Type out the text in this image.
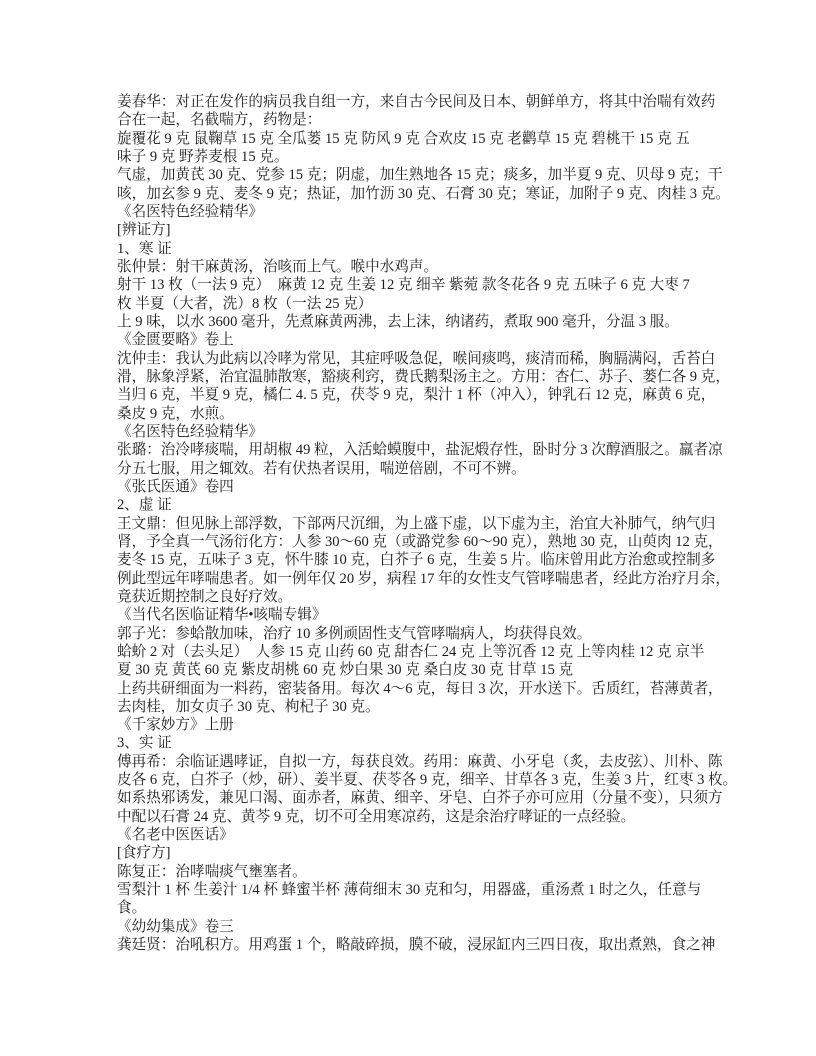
姜春华：对正在发作的病员我自组一方，来自古今民间及日本、朝鲜单方，将其中治喘有效药
合在一起，名截喘方，药物是：
旋覆花 9 克 鼠鞠草 15 克 全瓜蒌 15 克 防风 9 克 合欢皮 15 克 老鹳草 15 克 碧桃干 15 克 五
味子 9 克 野荞麦根 15 克。
气虚，加黄芪 30 克、党参 15 克；阴虚，加生熟地各 15 克；痰多，加半夏 9 克、贝母 9 克；干
咳，加玄参 9 克、麦冬 9 克；热证，加竹沥 30 克、石膏 30 克；寒证，加附子 9 克、肉桂 3 克。
《名医特色经验精华》
[辨证方]
1、寒 证
张仲景：射干麻黄汤，治咳而上气。喉中水鸡声。
射干 13 枚（一法 9 克）　麻黄 12 克 生姜 12 克 细辛 紫菀 款冬花各 9 克 五味子 6 克 大枣 7
枚 半夏（大者，洗）8 枚（一法 25 克）
上 9 味，以水 3600 毫升，先煮麻黄两沸，去上沫，纳诸药，煮取 900 毫升，分温 3 服。
《金匮要略》卷上
沈仲圭：我认为此病以冷哮为常见，其症呼吸急促，喉间痰鸣，痰清而稀，胸膈满闷，舌苔白
滑，脉象浮紧，治宜温肺散寒，豁痰利窍，费氏鹅梨汤主之。方用：杏仁、苏子、蒌仁各 9 克，
当归 6 克，半夏 9 克，橘仁 4. 5 克，茯苓 9 克，梨汁 1 杯（冲入），钟乳石 12 克，麻黄 6 克，
桑皮 9 克，水煎。
《名医特色经验精华》
张璐：治冷哮痰喘，用胡椒 49 粒，入活蛤蟆腹中，盐泥煅存性，卧时分 3 次醇酒服之。羸者凉
分五七服，用之辄效。若有伏热者误用，喘逆倍剧，不可不辨。
《张氏医通》卷四
2、虚 证
王文鼎：但见脉上部浮数，下部两尺沉细，为上盛下虚，以下虚为主，治宜大补肺气，纳气归
肾，予全真一气汤衍化方：人参 30～60 克（或潞党参 60～90 克），熟地 30 克，山萸肉 12 克，
麦冬 15 克，五味子 3 克，怀牛膝 10 克，白芥子 6 克，生姜 5 片。临床曾用此方治愈或控制多
例此型远年哮喘患者。如一例年仅 20 岁，病程 17 年的女性支气管哮喘患者，经此方治疗月余，
竟获近期控制之良好疗效。
《当代名医临证精华•咳喘专辑》
郭子光：参蛤散加味，治疗 10 多例顽固性支气管哮喘病人，均获得良效。
蛤蚧 2 对（去头足）　人参 15 克 山药 60 克 甜杏仁 24 克 上等沉香 12 克 上等肉桂 12 克 京半
夏 30 克 黄芪 60 克 紫皮胡桃 60 克 炒白果 30 克 桑白皮 30 克 甘草 15 克
上药共研细面为一料药，密装备用。每次 4～6 克，每日 3 次，开水送下。舌质红，苔薄黄者，
去肉桂，加女贞子 30 克、枸杞子 30 克。
《千家妙方》上册
3、实 证
傅再希：余临证遇哮证，自拟一方，每获良效。药用：麻黄、小牙皂（炙，去皮弦）、川朴、陈
皮各 6 克，白芥子（炒，研）、姜半夏、茯苓各 9 克，细辛、甘草各 3 克，生姜 3 片，红枣 3 枚。
如系热邪诱发，兼见口渴、面赤者，麻黄、细辛、牙皂、白芥子亦可应用（分量不变），只须方
中配以石膏 24 克、黄芩 9 克，切不可全用寒凉药，这是余治疗哮证的一点经验。
《名老中医医话》
[食疗方]
陈复正：治哮喘痰气壅塞者。
雪梨汁 1 杯 生姜汁 1/4 杯 蜂蜜半杯 薄荷细末 30 克和匀，用器盛，重汤煮 1 时之久，任意与
食。
《幼幼集成》卷三
龚廷贤：治吼积方。用鸡蛋 1 个，略敲碎损，膜不破，浸尿缸内三四日夜，取出煮熟，食之神
